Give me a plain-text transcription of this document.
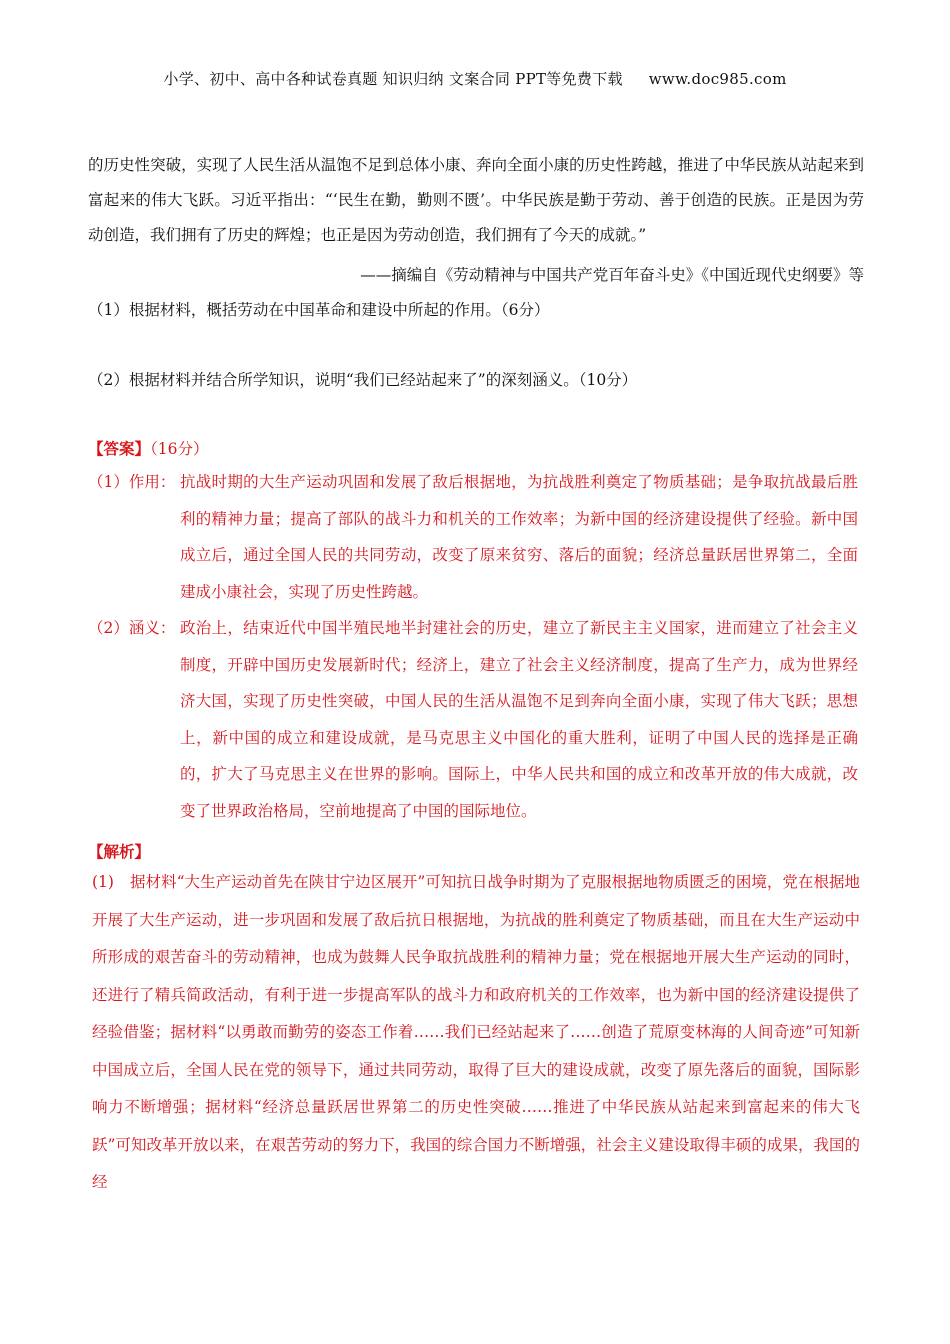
小学、初中、高中各种试卷真题 知识归纳 文案合同 PPT等免费下载 www.doc985.com

的历史性突破，实现了人民生活从温饱不足到总体小康、奔向全面小康的历史性跨越，推进了中华民族从站起来到富起来的伟大飞跃。习近平指出：“‘民生在勤，勤则不匮’。中华民族是勤于劳动、善于创造的民族。正是因为劳动创造，我们拥有了历史的辉煌；也正是因为劳动创造，我们拥有了今天的成就。”

——摘编自《劳动精神与中国共产党百年奋斗史》《中国近现代史纲要》等
（1）根据材料，概括劳动在中国革命和建设中所起的作用。（6分）
（2）根据材料并结合所学知识，说明“我们已经站起来了”的深刻涵义。（10分）
【答案】（16分）
（1）作用： 抗战时期的大生产运动巩固和发展了敌后根据地，为抗战胜利奠定了物质基础；是争取抗战最后胜利的精神力量；提高了部队的战斗力和机关的工作效率；为新中国的经济建设提供了经验。新中国成立后，通过全国人民的共同劳动，改变了原来贫穷、落后的面貌；经济总量跃居世界第二，全面建成小康社会，实现了历史性跨越。
（2）涵义： 政治上，结束近代中国半殖民地半封建社会的历史，建立了新民主主义国家，进而建立了社会主义制度，开辟中国历史发展新时代；经济上，建立了社会主义经济制度，提高了生产力，成为世界经济大国，实现了历史性突破，中国人民的生活从温饱不足到奔向全面小康，实现了伟大飞跃；思想上，新中国的成立和建设成就，是马克思主义中国化的重大胜利，证明了中国人民的选择是正确的，扩大了马克思主义在世界的影响。国际上，中华人民共和国的成立和改革开放的伟大成就，改变了世界政治格局，空前地提高了中国的国际地位。
【解析】
(1) 据材料“大生产运动首先在陕甘宁边区展开”可知抗日战争时期为了克服根据地物质匮乏的困境，党在根据地开展了大生产运动，进一步巩固和发展了敌后抗日根据地，为抗战的胜利奠定了物质基础，而且在大生产运动中所形成的艰苦奋斗的劳动精神，也成为鼓舞人民争取抗战胜利的精神力量；党在根据地开展大生产运动的同时，还进行了精兵简政活动，有利于进一步提高军队的战斗力和政府机关的工作效率，也为新中国的经济建设提供了经验借鉴；据材料“以勇敢而勤劳的姿态工作着……我们已经站起来了……创造了荒原变林海的人间奇迹”可知新中国成立后，全国人民在党的领导下，通过共同劳动，取得了巨大的建设成就，改变了原先落后的面貌，国际影响力不断增强；据材料“经济总量跃居世界第二的历史性突破……推进了中华民族从站起来到富起来的伟大飞跃”可知改革开放以来，在艰苦劳动的努力下，我国的综合国力不断增强，社会主义建设取得丰硕的成果，我国的经
